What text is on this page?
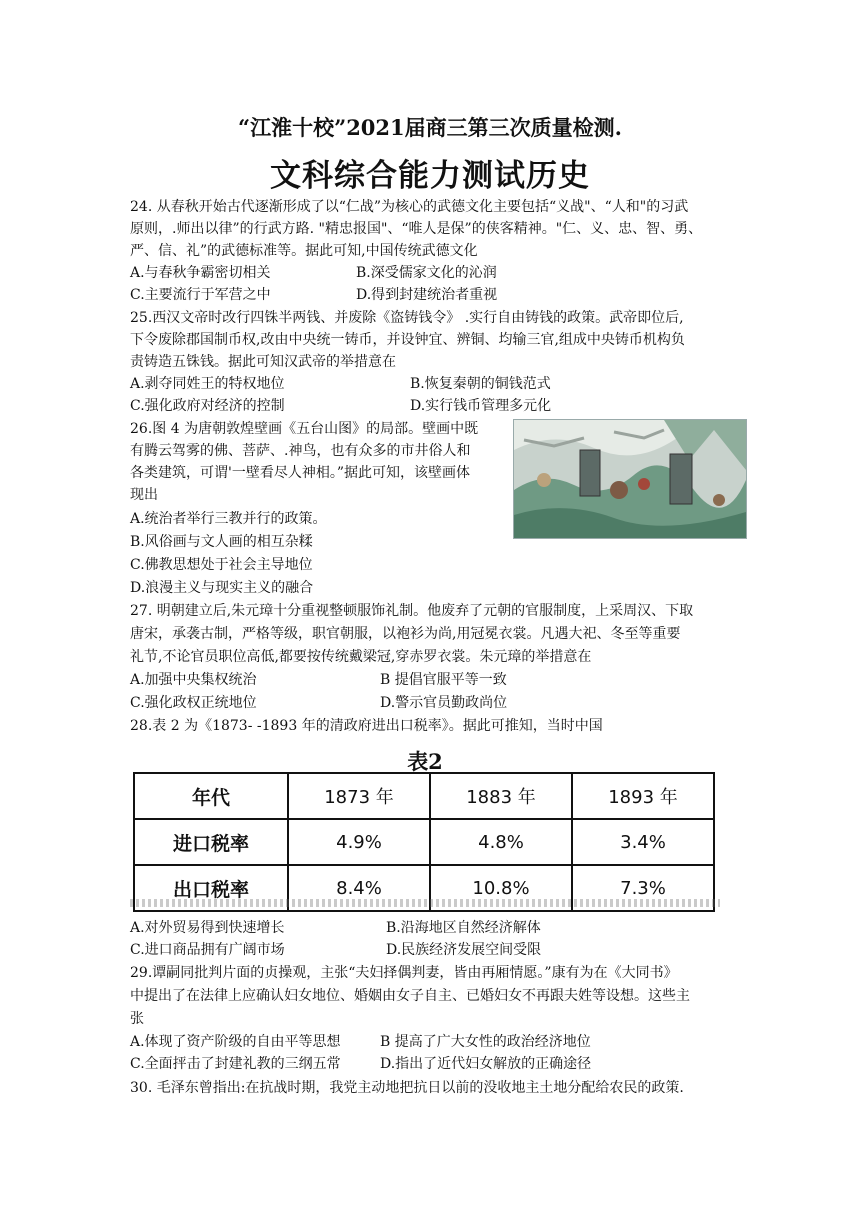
“江淮十校”2021届商三第三次质量检测.
文科综合能力测试历史
24. 从春秋开始古代逐渐形成了以“仁战”为核心的武德文化主要包括“义战"、“人和"的习武
原则，.师出以律”的行武方路. "精忠报国"、“唯人是保”的侠客精神。"仁、义、忠、智、勇、
严、信、礼”的武德标准等。据此可知,中国传统武德文化
A.与春秋争霸密切相关	B.深受儒家文化的沁润
C.主要流行于军营之中	D.得到封建统治者重视
25.西汉文帝时改行四铢半两钱、并废除《盗铸钱令》 .实行自由铸钱的政策。武帝即位后,
下令废除郡国制币权,改由中央统一铸币，并设钟宜、辨铜、均输三官,组成中央铸币机构负
责铸造五铢钱。据此可知汉武帝的举措意在
A.剥夺同姓王的特权地位	B.恢复秦朝的铜钱范式
C.强化政府对经济的控制	D.实行钱币管理多元化
26.图 4 为唐朝敦煌壁画《五台山图》的局部。壁画中既
有腾云驾雾的佛、菩萨、.神鸟，也有众多的市井俗人和
各类建筑，可谓'一壁看尽人神相。”据此可知，该壁画体
现出
A.统治者举行三教并行的政策。
B.风俗画与文人画的相互杂糅
C.佛教思想处于社会主导地位
D.浪漫主义与现实主义的融合
27. 明朝建立后,朱元璋十分重视整顿服饰礼制。他废弃了元朝的官服制度，上采周汉、下取
唐宋，承袭古制，严格等级，职官朝服，以袍衫为尚,用冠冕衣裳。凡遇大祀、冬至等重要
礼节,不论官员职位高低,都要按传统戴梁冠,穿赤罗衣裳。朱元璋的举措意在
A.加强中央集权统治	B 提倡官服平等一致
C.强化政权正统地位	D.警示官员勤政尚位
28.表 2 为《1873- -1893 年的清政府进出口税率》。据此可推知，当时中国
表2
年代	1873 年	1883 年	1893 年
进口税率	4.9%	4.8%	3.4%
出口税率	8.4%	10.8%	7.3%
A.对外贸易得到快速增长	B.沿海地区自然经济解体
C.进口商品拥有广阔市场	D.民族经济发展空间受限
29.谭嗣同批判片面的贞操观，主张“夫妇择偶判妻，皆由再厢情愿。”康有为在《大同书》
中提出了在法律上应确认妇女地位、婚姻由女子自主、已婚妇女不再跟夫姓等设想。这些主
张
A.体现了资产阶级的自由平等思想	B 提高了广大女性的政治经济地位
C.全面抨击了封建礼教的三纲五常	D.指出了近代妇女解放的正确途径
30. 毛泽东曾指出:在抗战时期，我党主动地把抗日以前的没收地主土地分配给农民的政策.
